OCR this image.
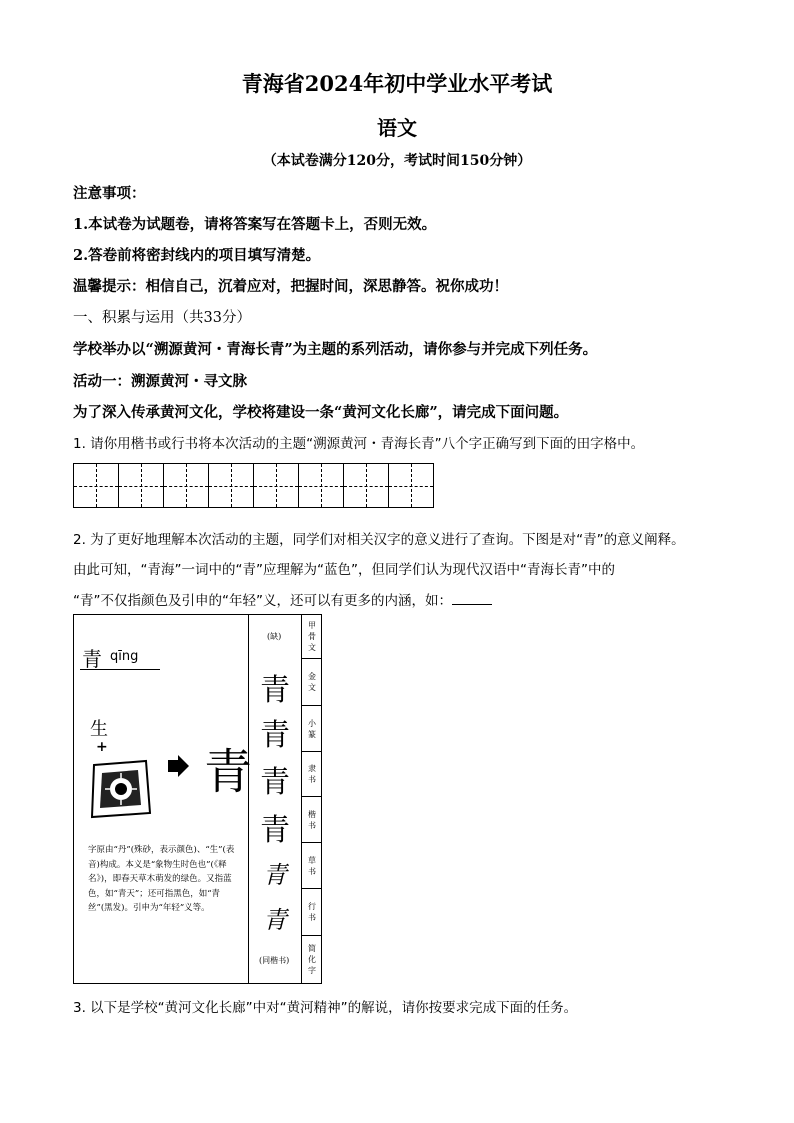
青海省2024年初中学业水平考试
语文
（本试卷满分120分，考试时间150分钟）
注意事项：
1.本试卷为试题卷，请将答案写在答题卡上，否则无效。
2.答卷前将密封线内的项目填写清楚。
温馨提示：相信自己，沉着应对，把握时间，深思静答。祝你成功！
一、积累与运用（共33分）
学校举办以“溯源黄河・青海长青”为主题的系列活动，请你参与并完成下列任务。
活动一：溯源黄河・寻文脉
为了深入传承黄河文化，学校将建设一条“黄河文化长廊”，请完成下面问题。
1. 请你用楷书或行书将本次活动的主题“溯源黄河・青海长青”八个字正确写到下面的田字格中。
2. 为了更好地理解本次活动的主题，同学们对相关汉字的意义进行了查询。下图是对“青”的意义阐释。
由此可知，“青海”一词中的“青”应理解为“蓝色”，但同学们认为现代汉语中“青海长青”中的
“青”不仅指颜色及引申的“年轻”义，还可以有更多的内涵，如：
青 qīng
生
+ 青
字原由“丹”(殊砂，表示颜色)、“生”(表音)构成。本义是“象物生时色也”(《释名》)，即春天草木萌发的绿色。又指蓝色，如“青天”；还可指黑色，如“青丝”(黑发)。引申为“年轻”义等。
(缺)
青
青
青
青
青
青
(同楷书)
甲骨文
金文
小篆
隶书
楷书
草书
行书
简化字
3. 以下是学校“黄河文化长廊”中对“黄河精神”的解说，请你按要求完成下面的任务。
